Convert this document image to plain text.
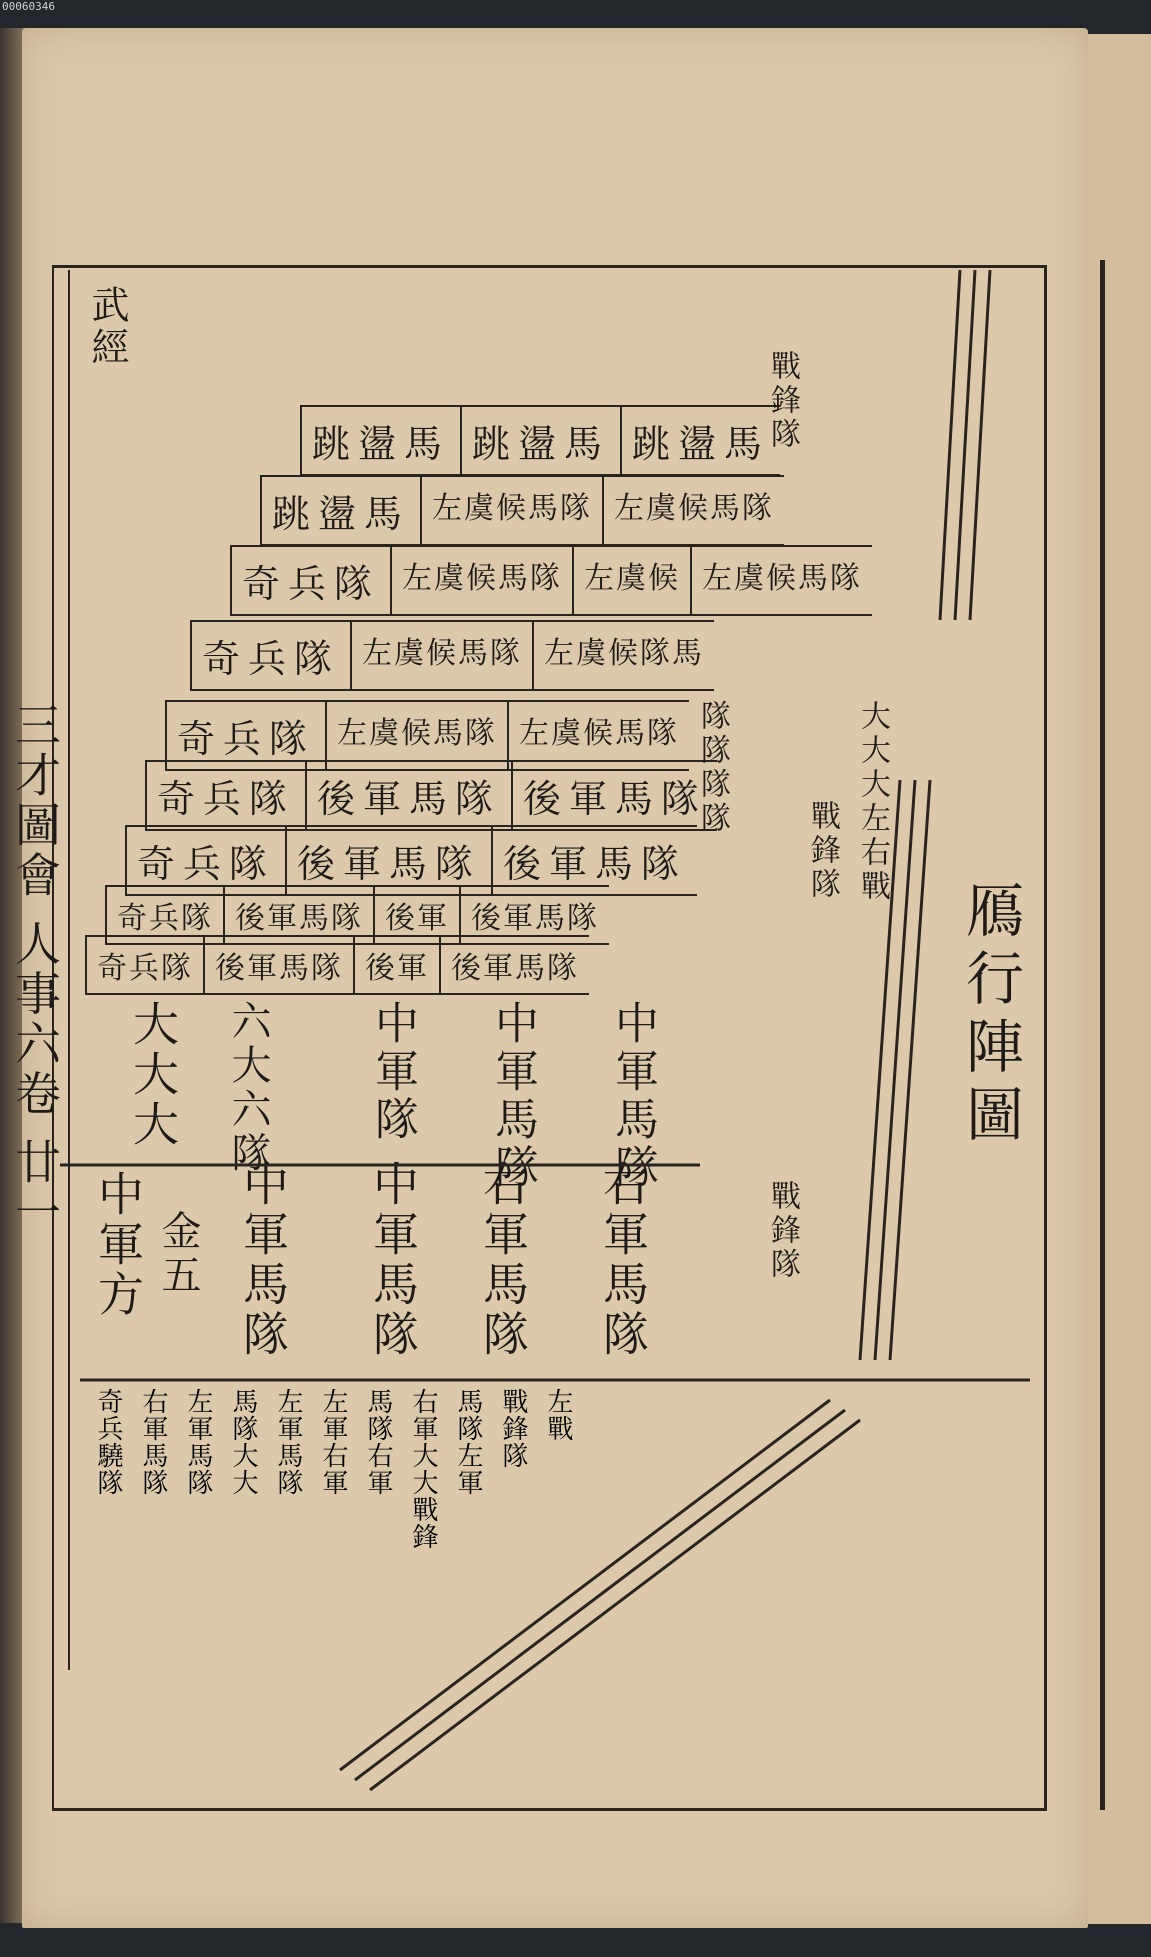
00060346
三才圖會 人事六卷 廿一
武經
鴈行陣圖
跳盪馬
跳盪馬
跳盪馬
左虞候馬隊
左虞候馬隊
跳盪馬
左虞候馬隊
左虞候
左虞候馬隊
奇兵隊
左虞候隊馬
左虞候馬隊
奇兵隊
左虞候馬隊
左虞候馬隊
奇兵隊
後軍馬隊
後軍馬隊
奇兵隊
後軍馬隊
後軍馬隊
奇兵隊
後軍馬隊
後軍
後軍馬隊
奇兵隊
後軍馬隊
後軍
後軍馬隊
奇兵隊
中軍馬隊
中軍馬隊
中軍隊
六大六隊
大大大
右軍馬隊
右軍馬隊
中軍馬隊
中軍馬隊
金五
中軍方
戰鋒隊
戰鋒隊
戰鋒隊
大大大左右戰
隊隊隊隊
左戰
戰鋒隊
馬隊左軍
右軍大大戰鋒
馬隊右軍
左軍右軍
左軍馬隊
馬隊大大
左軍馬隊
右軍馬隊
奇兵驍隊
